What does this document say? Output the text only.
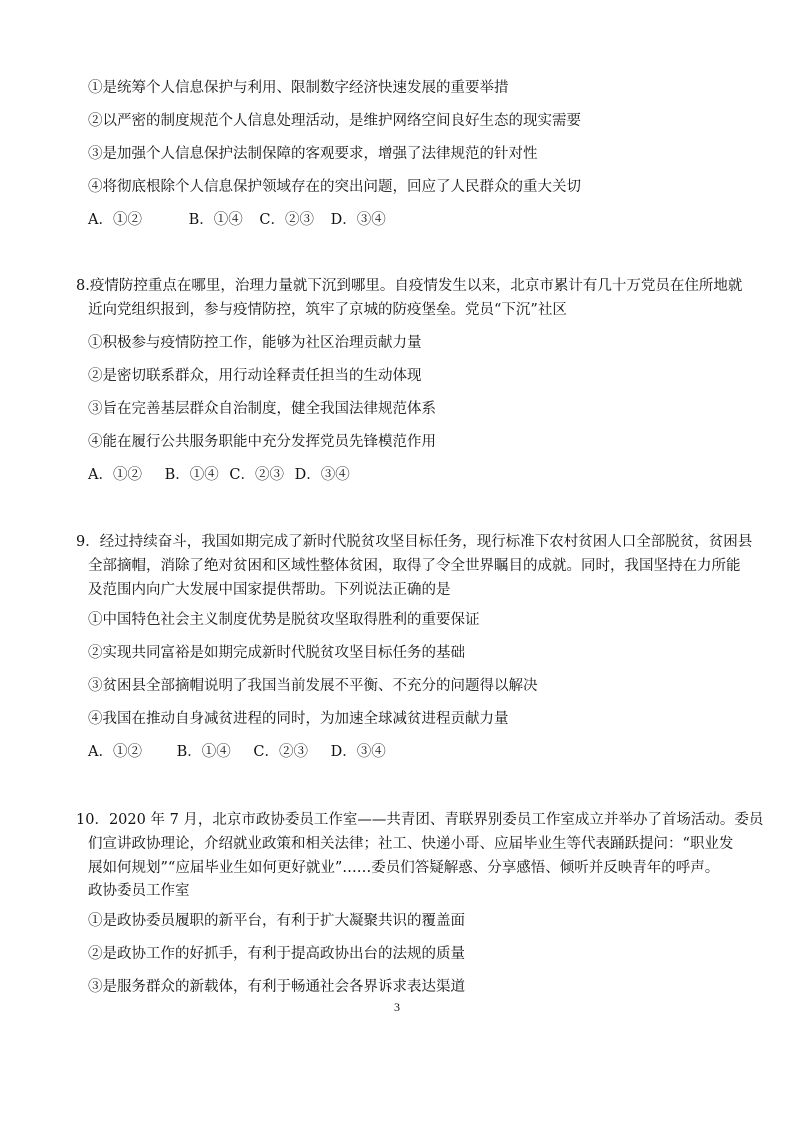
①是统筹个人信息保护与利用、限制数字经济快速发展的重要举措
②以严密的制度规范个人信息处理活动，是维护网络空间良好生态的现实需要
③是加强个人信息保护法制保障的客观要求，增强了法律规范的针对性
④将彻底根除个人信息保护领域存在的突出问题，回应了人民群众的重大关切
A．①②	B．①④ C．②③ D．③④
8.疫情防控重点在哪里，治理力量就下沉到哪里。自疫情发生以来，北京市累计有几十万党员在住所地就
近向党组织报到，参与疫情防控，筑牢了京城的防疫堡垒。党员“下沉”社区
①积极参与疫情防控工作，能够为社区治理贡献力量
②是密切联系群众，用行动诠释责任担当的生动体现
③旨在完善基层群众自治制度，健全我国法律规范体系
④能在履行公共服务职能中充分发挥党员先锋模范作用
A．①② B．①④ C．②③ D．③④
9．经过持续奋斗，我国如期完成了新时代脱贫攻坚目标任务，现行标准下农村贫困人口全部脱贫，贫困县
全部摘帽，消除了绝对贫困和区域性整体贫困，取得了令全世界瞩目的成就。同时，我国坚持在力所能
及范围内向广大发展中国家提供帮助。下列说法正确的是
①中国特色社会主义制度优势是脱贫攻坚取得胜利的重要保证
②实现共同富裕是如期完成新时代脱贫攻坚目标任务的基础
③贫困县全部摘帽说明了我国当前发展不平衡、不充分的问题得以解决
④我国在推动自身减贫进程的同时，为加速全球减贫进程贡献力量
A．①② B．①④ C．②③ D．③④
10．2020 年 7 月，北京市政协委员工作室——共青团、青联界别委员工作室成立并举办了首场活动。委员
们宣讲政协理论，介绍就业政策和相关法律；社工、快递小哥、应届毕业生等代表踊跃提问：“职业发
展如何规划”“应届毕业生如何更好就业”……委员们答疑解惑、分享感悟、倾听并反映青年的呼声。
政协委员工作室
①是政协委员履职的新平台，有利于扩大凝聚共识的覆盖面
②是政协工作的好抓手，有利于提高政协出台的法规的质量
③是服务群众的新载体，有利于畅通社会各界诉求表达渠道
3
